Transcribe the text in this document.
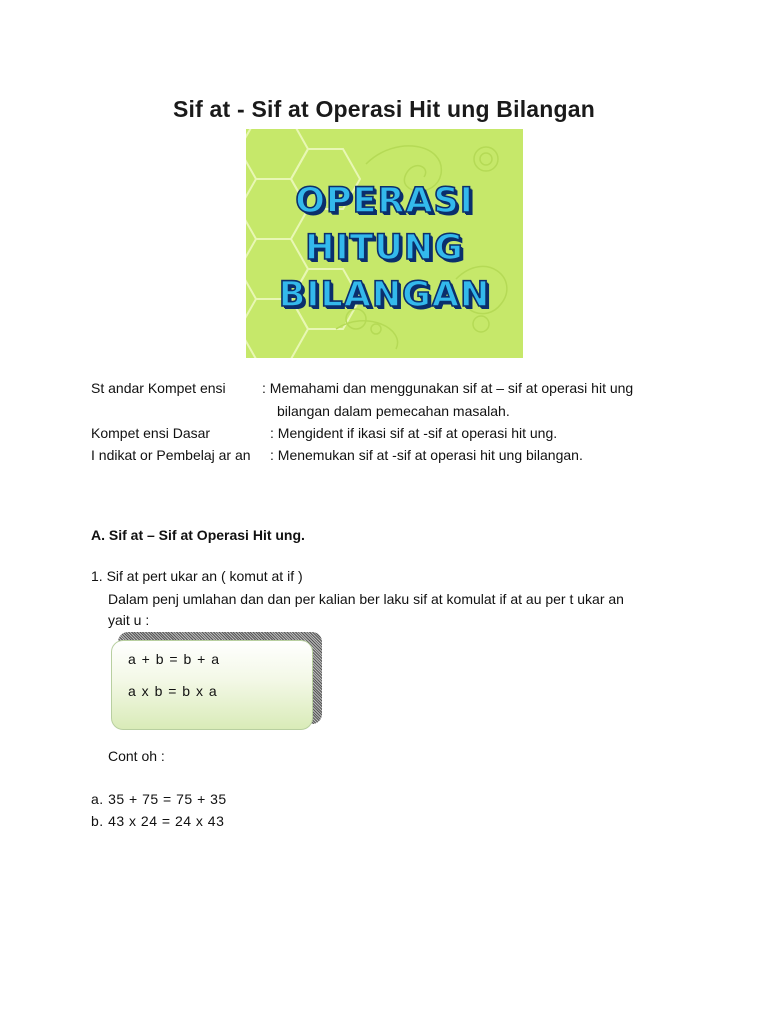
Sif at - Sif at Operasi Hit ung Bilangan
OPERASI
HITUNG
BILANGAN
St andar Kompet ensi	: Memahami dan menggunakan sif at – sif at operasi hit ung
bilangan dalam pemecahan masalah.
Kompet ensi Dasar	: Mengident if ikasi sif at -sif at operasi hit ung.
I ndikat or Pembelaj ar an : Menemukan sif at -sif at operasi hit ung bilangan.
A. Sif at – Sif at Operasi Hit ung.
1. Sif at pert ukar an ( komut at if )
Dalam penj umlahan dan dan per kalian ber laku sif at komulat if at au per t ukar an
yait u :
a + b = b + a
a x b = b x a
Cont oh :
a. 35 + 75 = 75 + 35
b. 43 x 24 = 24 x 43
